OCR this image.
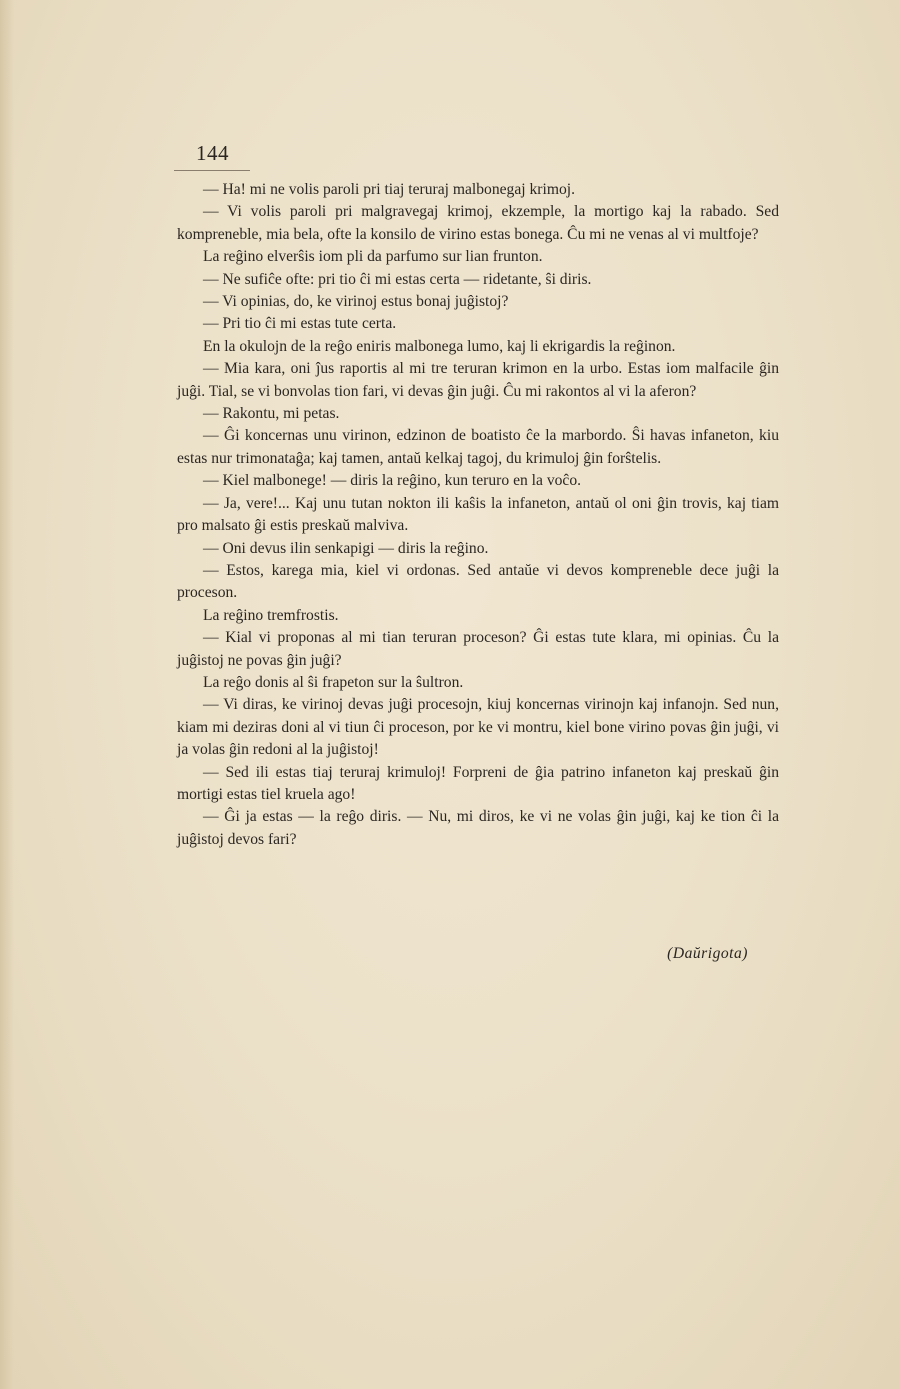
144

— Ha! mi ne volis paroli pri tiaj teruraj malbonegaj krimoj.

— Vi volis paroli pri malgravegaj krimoj, ekzemple, la mortigo kaj la rabado. Sed kompreneble, mia bela, ofte la konsilo de virino estas bonega. Ĉu mi ne venas al vi multfoje?

La reĝino elverŝis iom pli da parfumo sur lian frunton.

— Ne sufiĉe ofte: pri tio ĉi mi estas certa — ridetante, ŝi diris.

— Vi opinias, do, ke virinoj estus bonaj juĝistoj?

— Pri tio ĉi mi estas tute certa.

En la okulojn de la reĝo eniris malbonega lumo, kaj li ekrigardis la reĝinon.

— Mia kara, oni ĵus raportis al mi tre teruran krimon en la urbo. Estas iom malfacile ĝin juĝi. Tial, se vi bonvolas tion fari, vi devas ĝin juĝi. Ĉu mi rakontos al vi la aferon?

— Rakontu, mi petas.

— Ĝi koncernas unu virinon, edzinon de boatisto ĉe la marbordo. Ŝi havas infaneton, kiu estas nur trimonataĝa; kaj tamen, antaŭ kelkaj tagoj, du krimuloj ĝin forŝtelis.

— Kiel malbonege! — diris la reĝino, kun teruro en la voĉo.

— Ja, vere!... Kaj unu tutan nokton ili kaŝis la infaneton, antaŭ ol oni ĝin trovis, kaj tiam pro malsato ĝi estis preskaŭ malviva.

— Oni devus ilin senkapigi — diris la reĝino.

— Estos, karega mia, kiel vi ordonas. Sed antaŭe vi devos kompreneble dece juĝi la proceson.

La reĝino tremfrostis.

— Kial vi proponas al mi tian teruran proceson? Ĝi estas tute klara, mi opinias. Ĉu la juĝistoj ne povas ĝin juĝi?

La reĝo donis al ŝi frapeton sur la ŝultron.

— Vi diras, ke virinoj devas juĝi procesojn, kiuj koncernas virinojn kaj infanojn. Sed nun, kiam mi deziras doni al vi tiun ĉi proceson, por ke vi montru, kiel bone virino povas ĝin juĝi, vi ja volas ĝin redoni al la juĝistoj!

— Sed ili estas tiaj teruraj krimuloj! Forpreni de ĝia patrino infaneton kaj preskaŭ ĝin mortigi estas tiel kruela ago!

— Ĝi ja estas — la reĝo diris. — Nu, mi diros, ke vi ne volas ĝin juĝi, kaj ke tion ĉi la juĝistoj devos fari?

(Daŭrigota)
